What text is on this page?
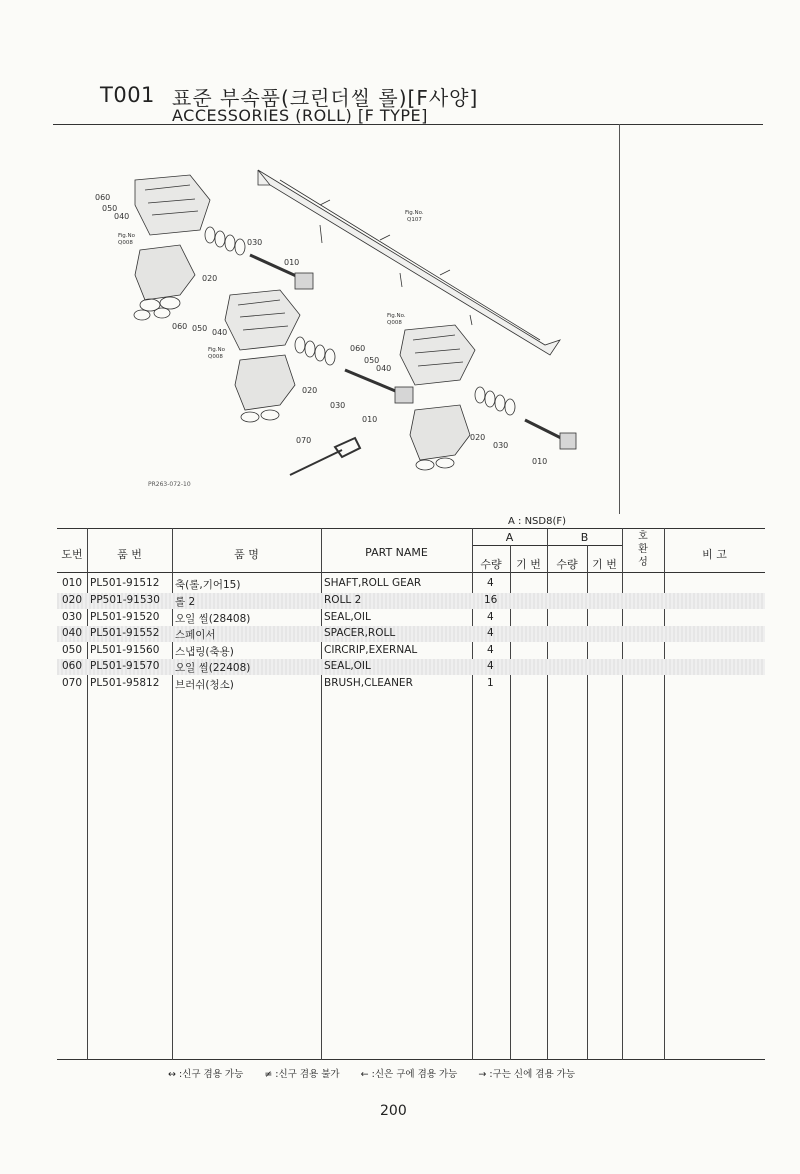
T001 표준 부속품(크린더씰 롤)[F사양]
ACCESSORIES (ROLL) [F TYPE]
060
050
040
030
020
010
060 050 040
020
030
010
060
050
040
020
030
010
070
Fig.No.
Q107
Fig.No
Q008
Fig.No.
Q008
Fig.No
Q008
PR263-072-10
A : NSD8(F)
도번	품 번	품 명	PART NAME
A	B
수량	기 번	수량	기 번
호 환 성
비 고
010 PL501-91512 축(롤,기어15)	SHAFT,ROLL GEAR	4
020 PP501-91530 롤 2	ROLL 2	16
030 PL501-91520 오일 씰(28408)	SEAL,OIL	4
040 PL501-91552 스페이서	SPACER,ROLL	4
050 PL501-91560 스냅링(축용)	CIRCRIP,EXERNAL	4
060 PL501-91570 오일 씰(22408)	SEAL,OIL	4
070 PL501-95812 브러쉬(청소)	BRUSH,CLEANER	1
↔ :신구 겸용 가능 ≠ :신구 겸용 불가 ← :신은 구에 겸용 가능 → :구는 신에 겸용 가능
200
